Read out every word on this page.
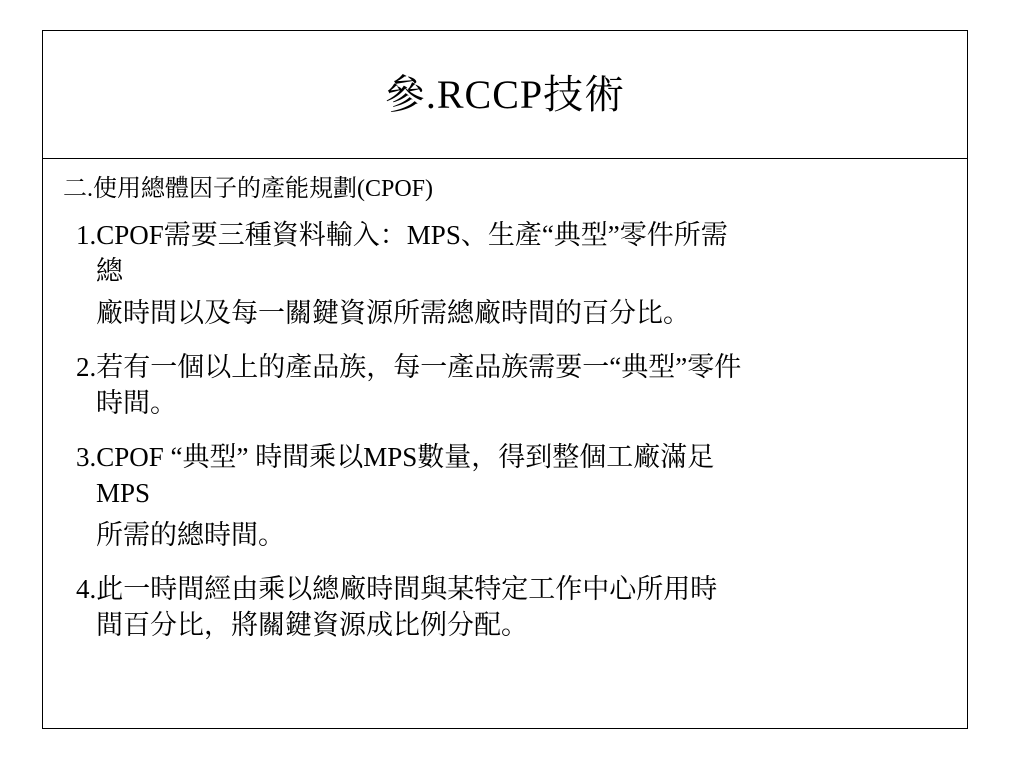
參.RCCP技術

二.使用總體因子的產能規劃(CPOF)

1.CPOF需要三種資料輸入：MPS、生產“典型”零件所需
總
廠時間以及每一關鍵資源所需總廠時間的百分比。
2.若有一個以上的產品族，每一產品族需要一“典型”零件
時間。
3.CPOF “典型” 時間乘以MPS數量，得到整個工廠滿足
MPS
所需的總時間。
4.此一時間經由乘以總廠時間與某特定工作中心所用時
間百分比，將關鍵資源成比例分配。
